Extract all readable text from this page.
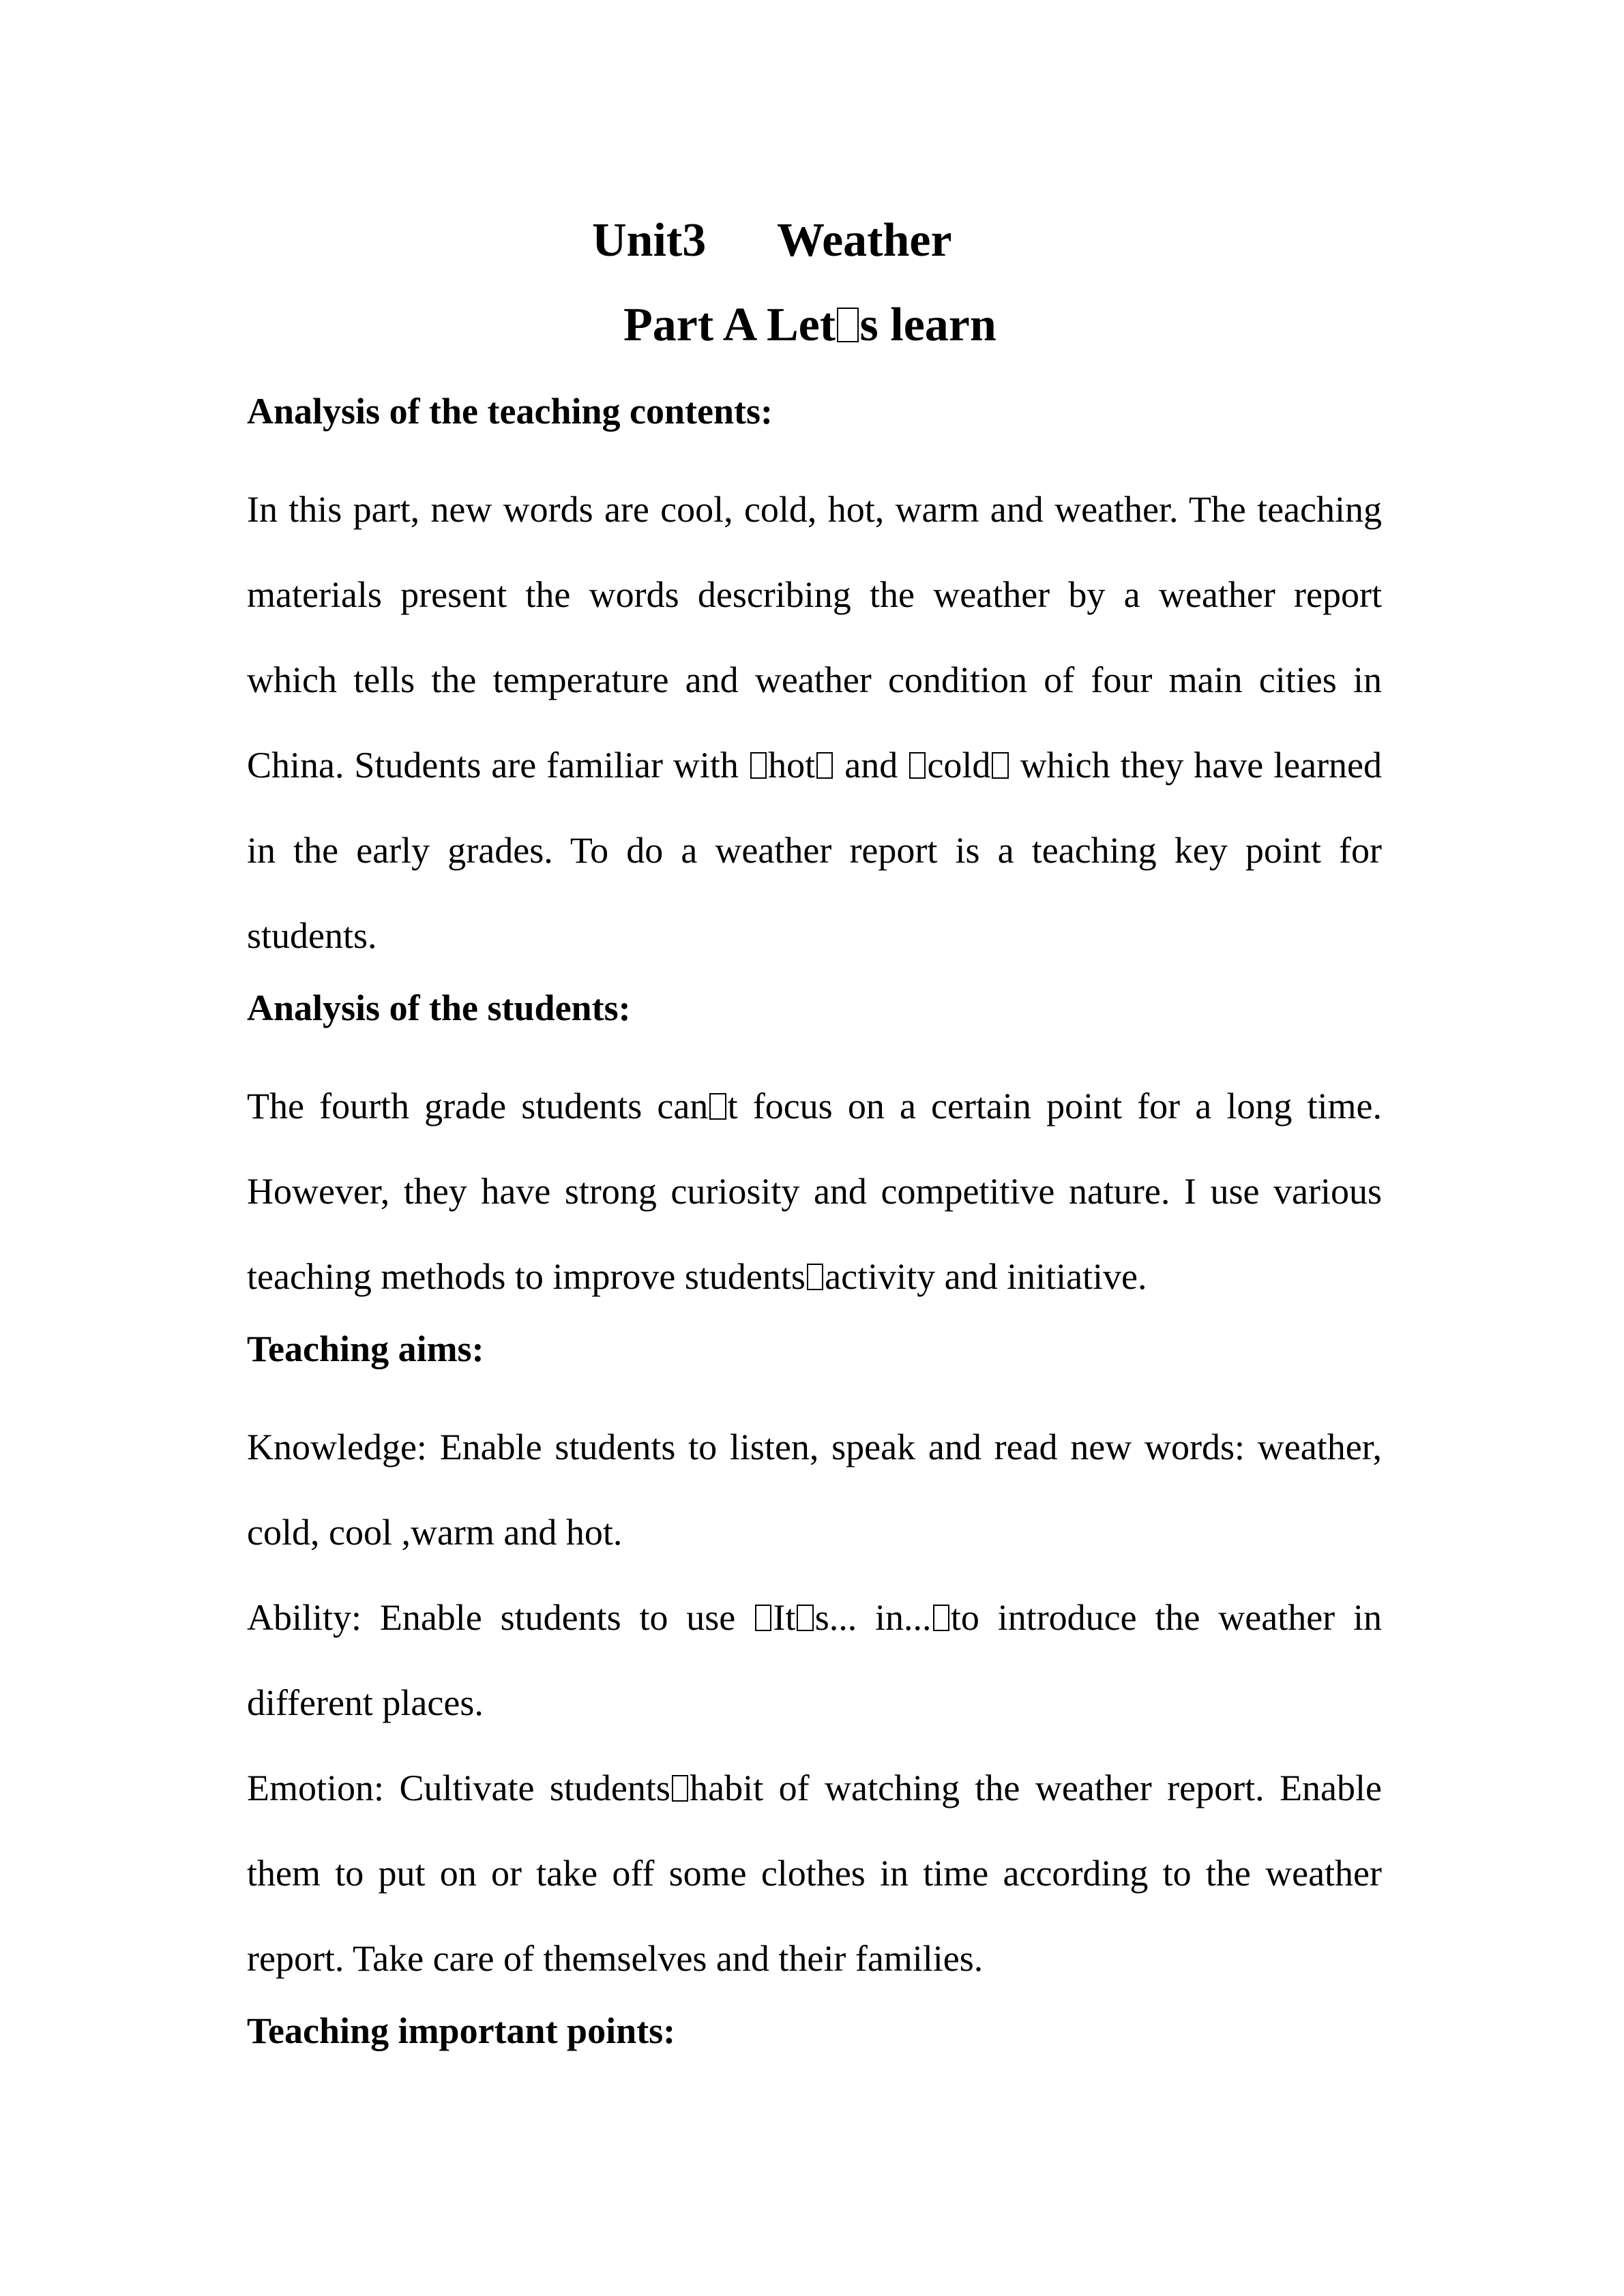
Unit3      Weather
Part A Let s learn

Analysis of the teaching contents:

In this part, new words are cool, cold, hot, warm and weather. The teaching materials present the words describing the weather by a weather report which tells the temperature and weather condition of four main cities in China. Students are familiar with hot and cold which they have learned in the early grades. To do a weather report is a teaching key point for students.

Analysis of the students:

The fourth grade students can t focus on a certain point for a long time. However, they have strong curiosity and competitive nature. I use various teaching methods to improve students activity and initiative.

Teaching aims:

Knowledge: Enable students to listen, speak and read new words: weather, cold, cool ,warm and hot.

Ability: Enable students to use It s... in... to introduce the weather in different places.

Emotion: Cultivate students habit of watching the weather report. Enable them to put on or take off some clothes in time according to the weather report. Take care of themselves and their families.

Teaching important points:
